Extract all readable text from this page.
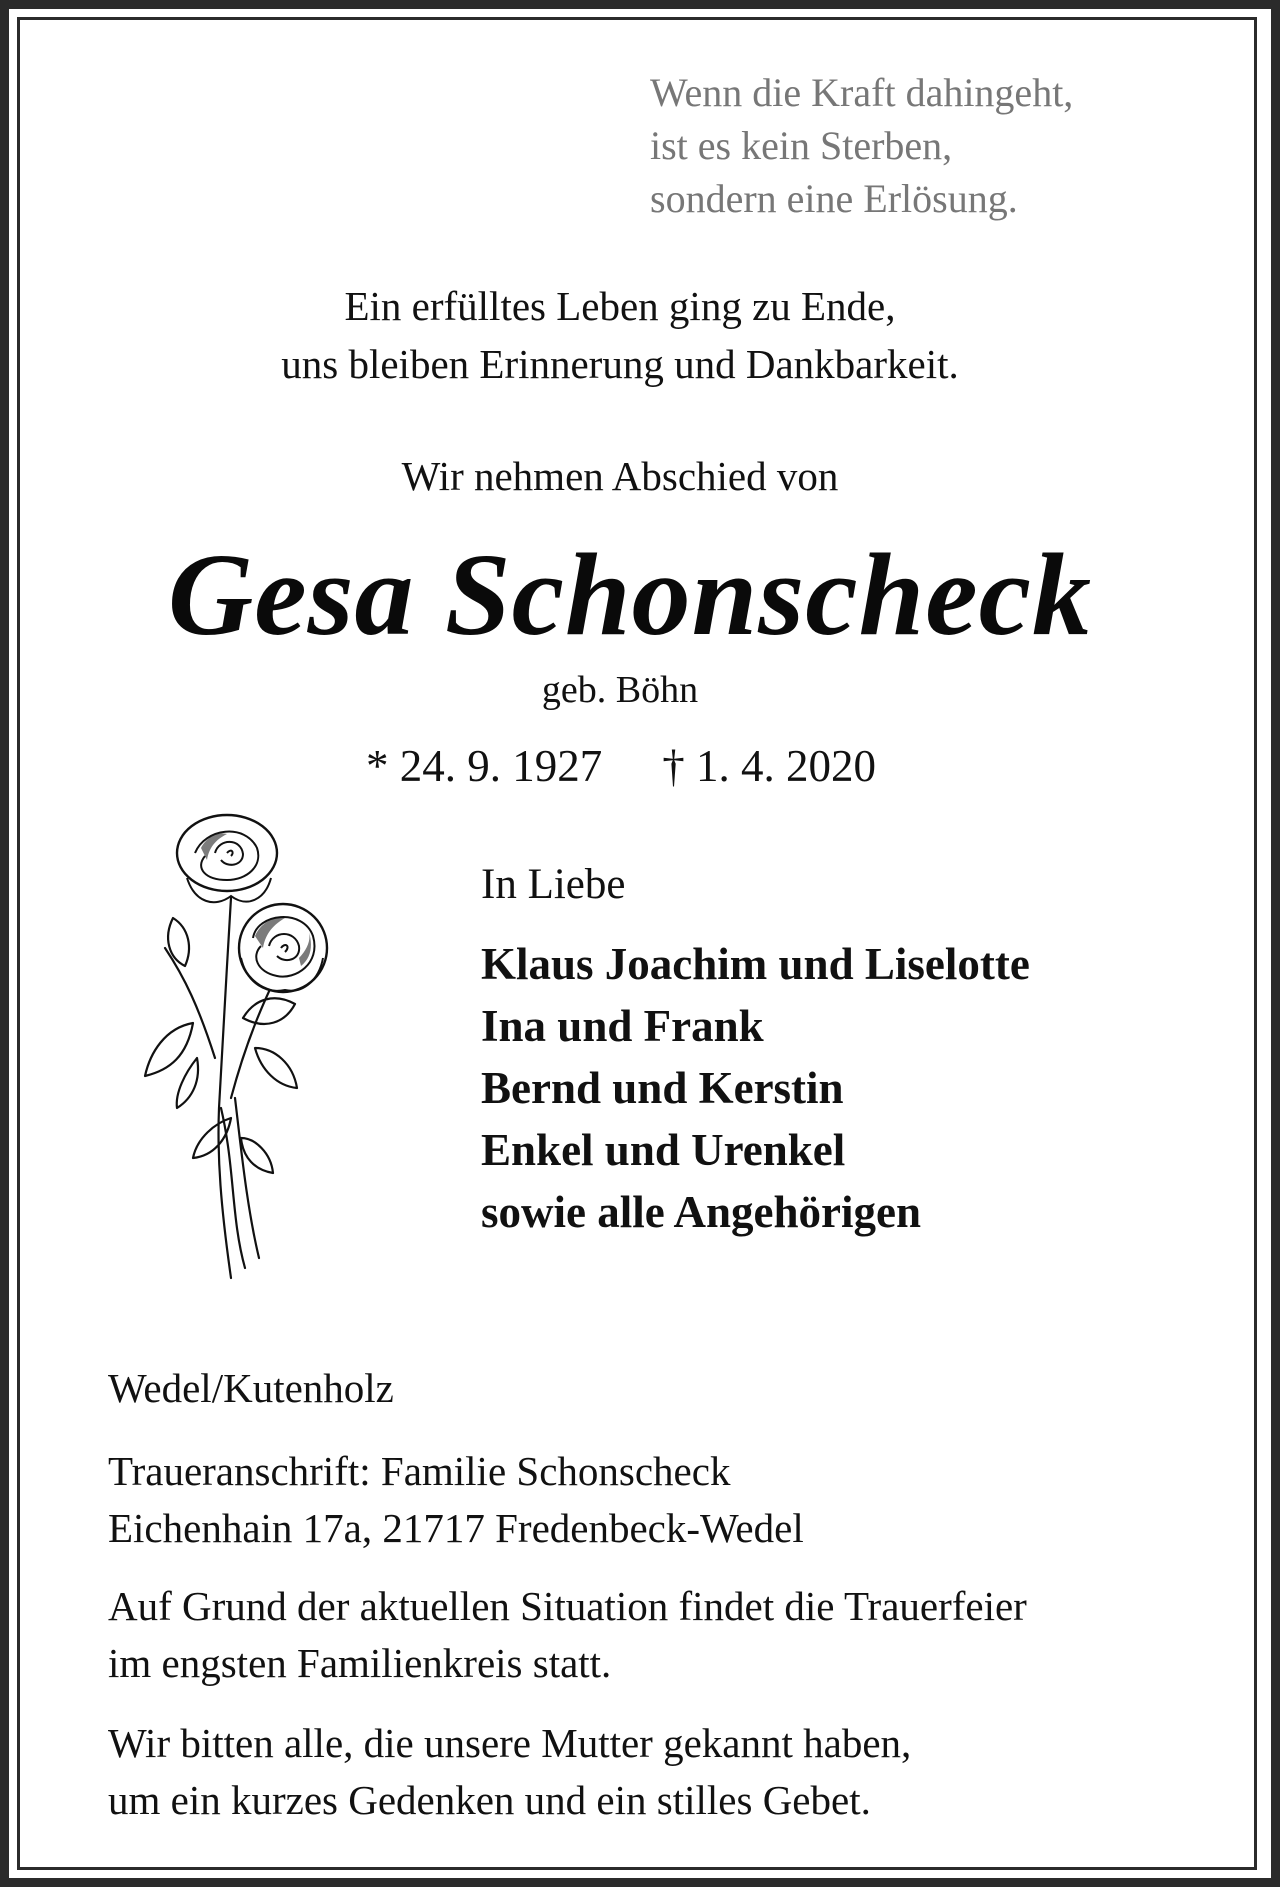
Wenn die Kraft dahingeht,
ist es kein Sterben,
sondern eine Erlösung.
Ein erfülltes Leben ging zu Ende,
uns bleiben Erinnerung und Dankbarkeit.
Wir nehmen Abschied von
Gesa Schonscheck
geb. Böhn
* 24. 9. 1927 † 1. 4. 2020
In Liebe
Klaus Joachim und Liselotte
Ina und Frank
Bernd und Kerstin
Enkel und Urenkel
sowie alle Angehörigen
Wedel/Kutenholz
Traueranschrift: Familie Schonscheck
Eichenhain 17a, 21717 Fredenbeck-Wedel
Auf Grund der aktuellen Situation findet die Trauerfeier
im engsten Familienkreis statt.
Wir bitten alle, die unsere Mutter gekannt haben,
um ein kurzes Gedenken und ein stilles Gebet.
